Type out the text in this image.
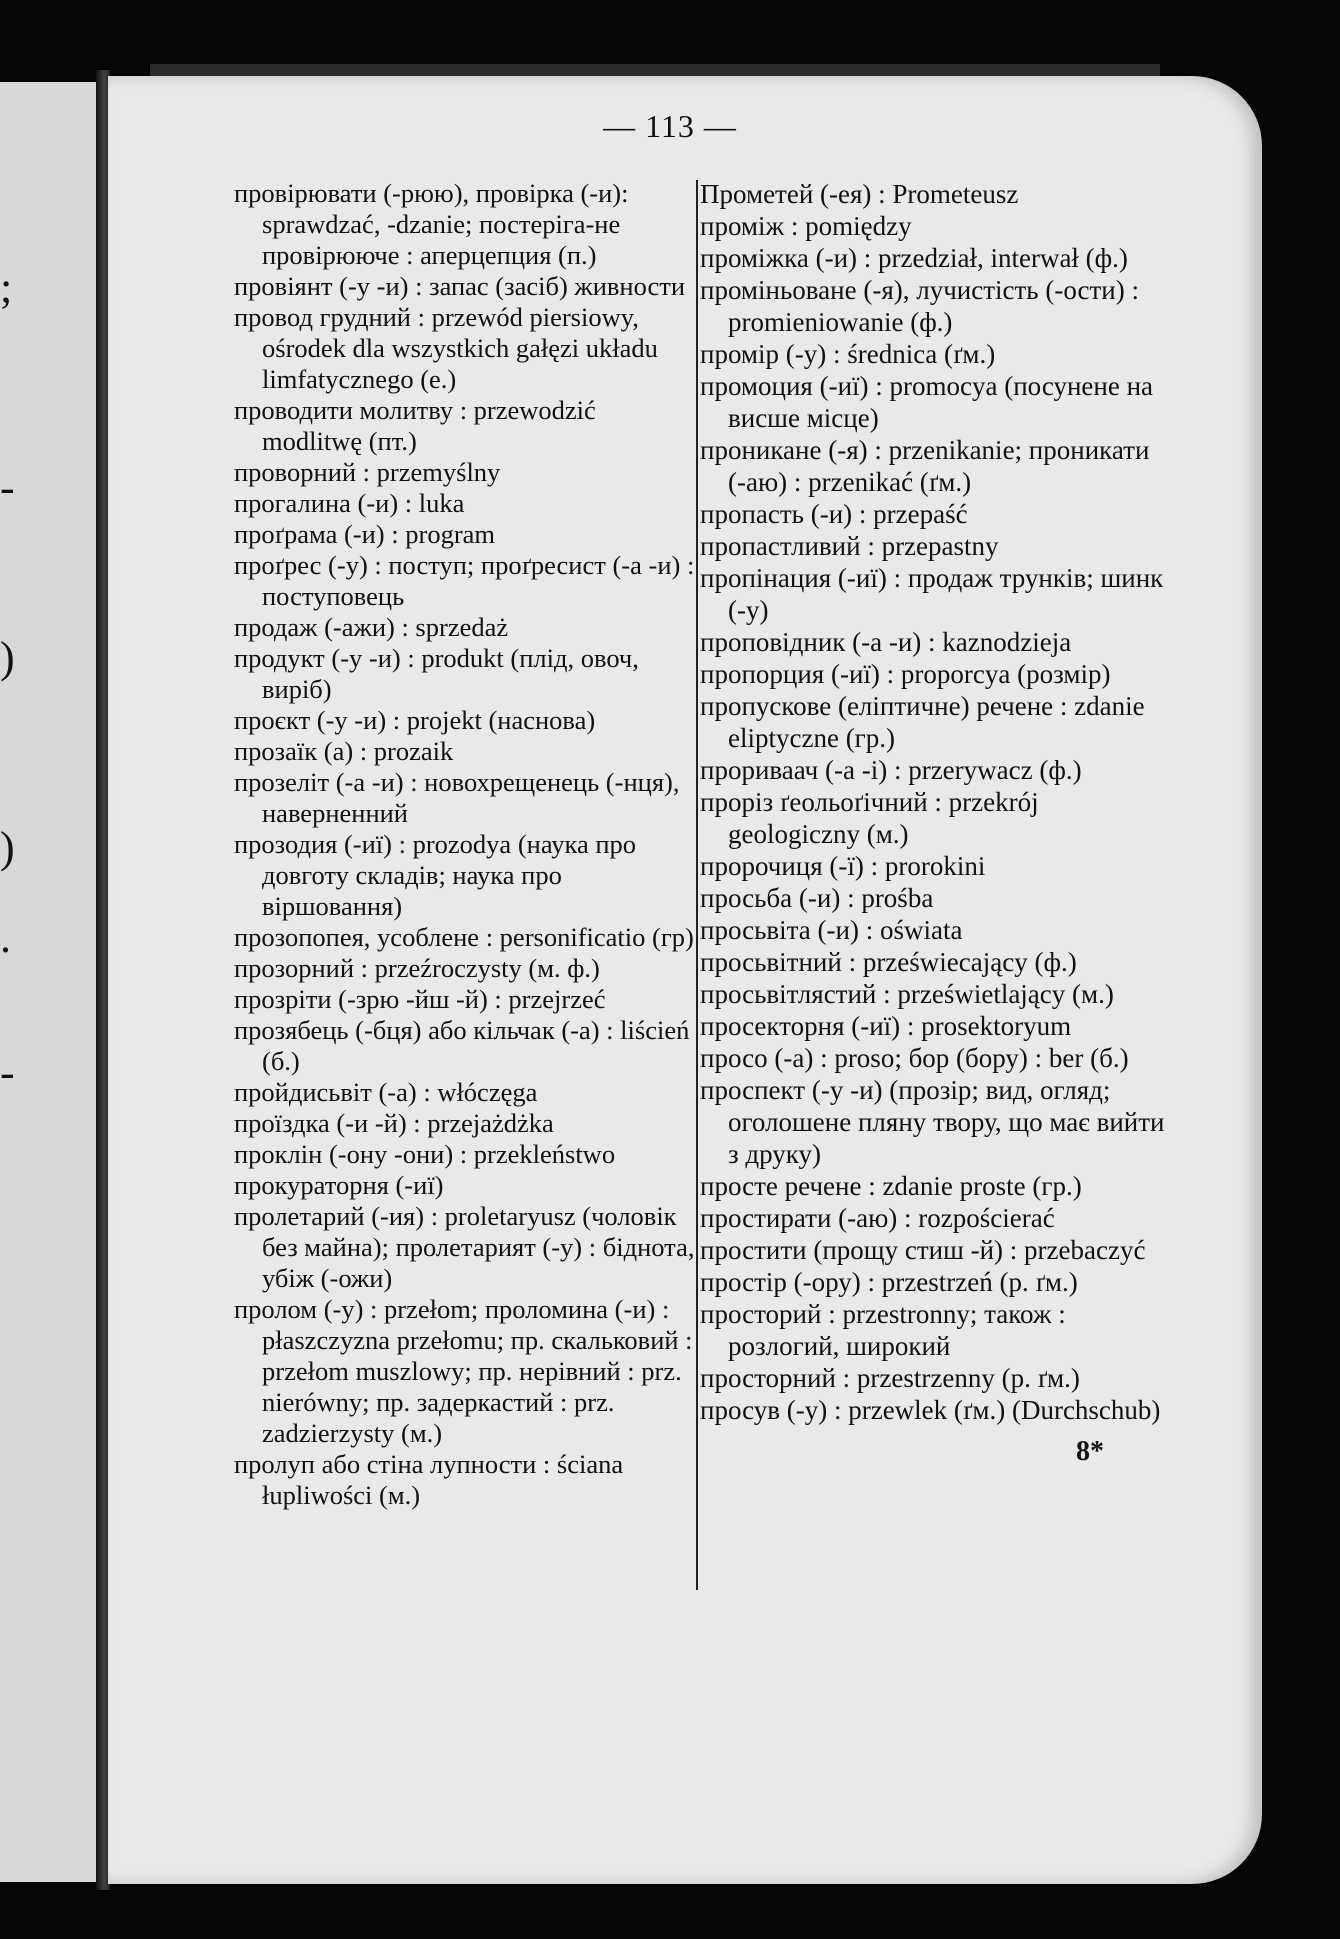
;
-
)
)
.
-
— 113 —
провірювати (-рюю), провірка (-и): sprawdzać, -dzanie; постеріга-не провірююче : аперцепция (п.)
провіянт (-у -и) : запас (засіб) живности
провод грудний : przewód piersiowy, ośrodek dla wszystkich gałęzi układu limfatycznego (e.)
проводити молитву : przewodzić modlitwę (пт.)
проворний : przemyślny
прогалина (-и) : luka
проґрама (-и) : program
проґрес (-у) : поступ; проґресист (-а -и) : поступовець
продаж (-ажи) : sprzedaż
продукт (-у -и) : produkt (плід, овоч, виріб)
проєкт (-у -и) : projekt (наснова)
прозаїк (а) : prozaik
прозеліт (-а -и) : новохрещенець (-нця), наверненний
прозодия (-иї) : prozodya (наука про довготу складів; наука про віршовання)
прозопопея, усоблене : personificatio (гр)
прозорний : przeźroczysty (м. ф.)
прозріти (-зрю -йш -й) : przejrzeć
прозябець (-бця) або кільчак (-а) : liścień (б.)
пройдисьвіт (-а) : włóczęga
проїздка (-и -й) : przejażdżka
проклін (-ону -они) : przekleństwo
прокураторня (-иї)
пролетарий (-ия) : proletaryusz (чоловік без майна); пролетарият (-у) : біднота, убіж (-ожи)
пролом (-у) : przełom; проломина (-и) : płaszczyzna przełomu; пр. скальковий : przełom muszlowy; пр. нерівний : prz. nierówny; пр. задеркастий : prz. zadzierzysty (м.)
пролуп або стіна лупности : ściana łupliwości (м.)
Прометей (-ея) : Prometeusz
проміж : pomiędzy
проміжка (-и) : przedział, interwał (ф.)
проміньоване (-я), лучистість (-ости) : promieniowanie (ф.)
промір (-у) : średnica (ґм.)
промоция (-иї) : promocya (посунене на висше місце)
проникане (-я) : przenikanie; проникати (-аю) : przenikać (ґм.)
пропасть (-и) : przepaść
пропастливий : przepastny
пропінация (-иї) : продаж трунків; шинк (-у)
проповідник (-а -и) : kaznodzieja
пропорция (-иї) : proporcya (розмір)
пропускове (еліптичне) речене : zdanie eliptyczne (гр.)
прориваач (-а -і) : przerywacz (ф.)
проріз ґеольоґічний : przekrój geologiczny (м.)
пророчиця (-ї) : prorokini
просьба (-и) : prośba
просьвіта (-и) : oświata
просьвітний : przeświecający (ф.)
просьвітлястий : prześwietlający (м.)
просекторня (-иї) : prosektoryum
просо (-а) : proso; бор (бору) : ber (б.)
проспект (-у -и) (прозір; вид, огляд; оголошене пляну твору, що має вийти з друку)
просте речене : zdanie proste (гр.)
простирати (-аю) : rozpościerać
простити (прощу стиш -й) : przebaczyć
простір (-ору) : przestrzeń (р. ґм.)
просторий : przestronny; також : розлогий, широкий
просторний : przestrzenny (р. ґм.)
просув (-у) : przewlek (ґм.) (Durchschub)
8*
